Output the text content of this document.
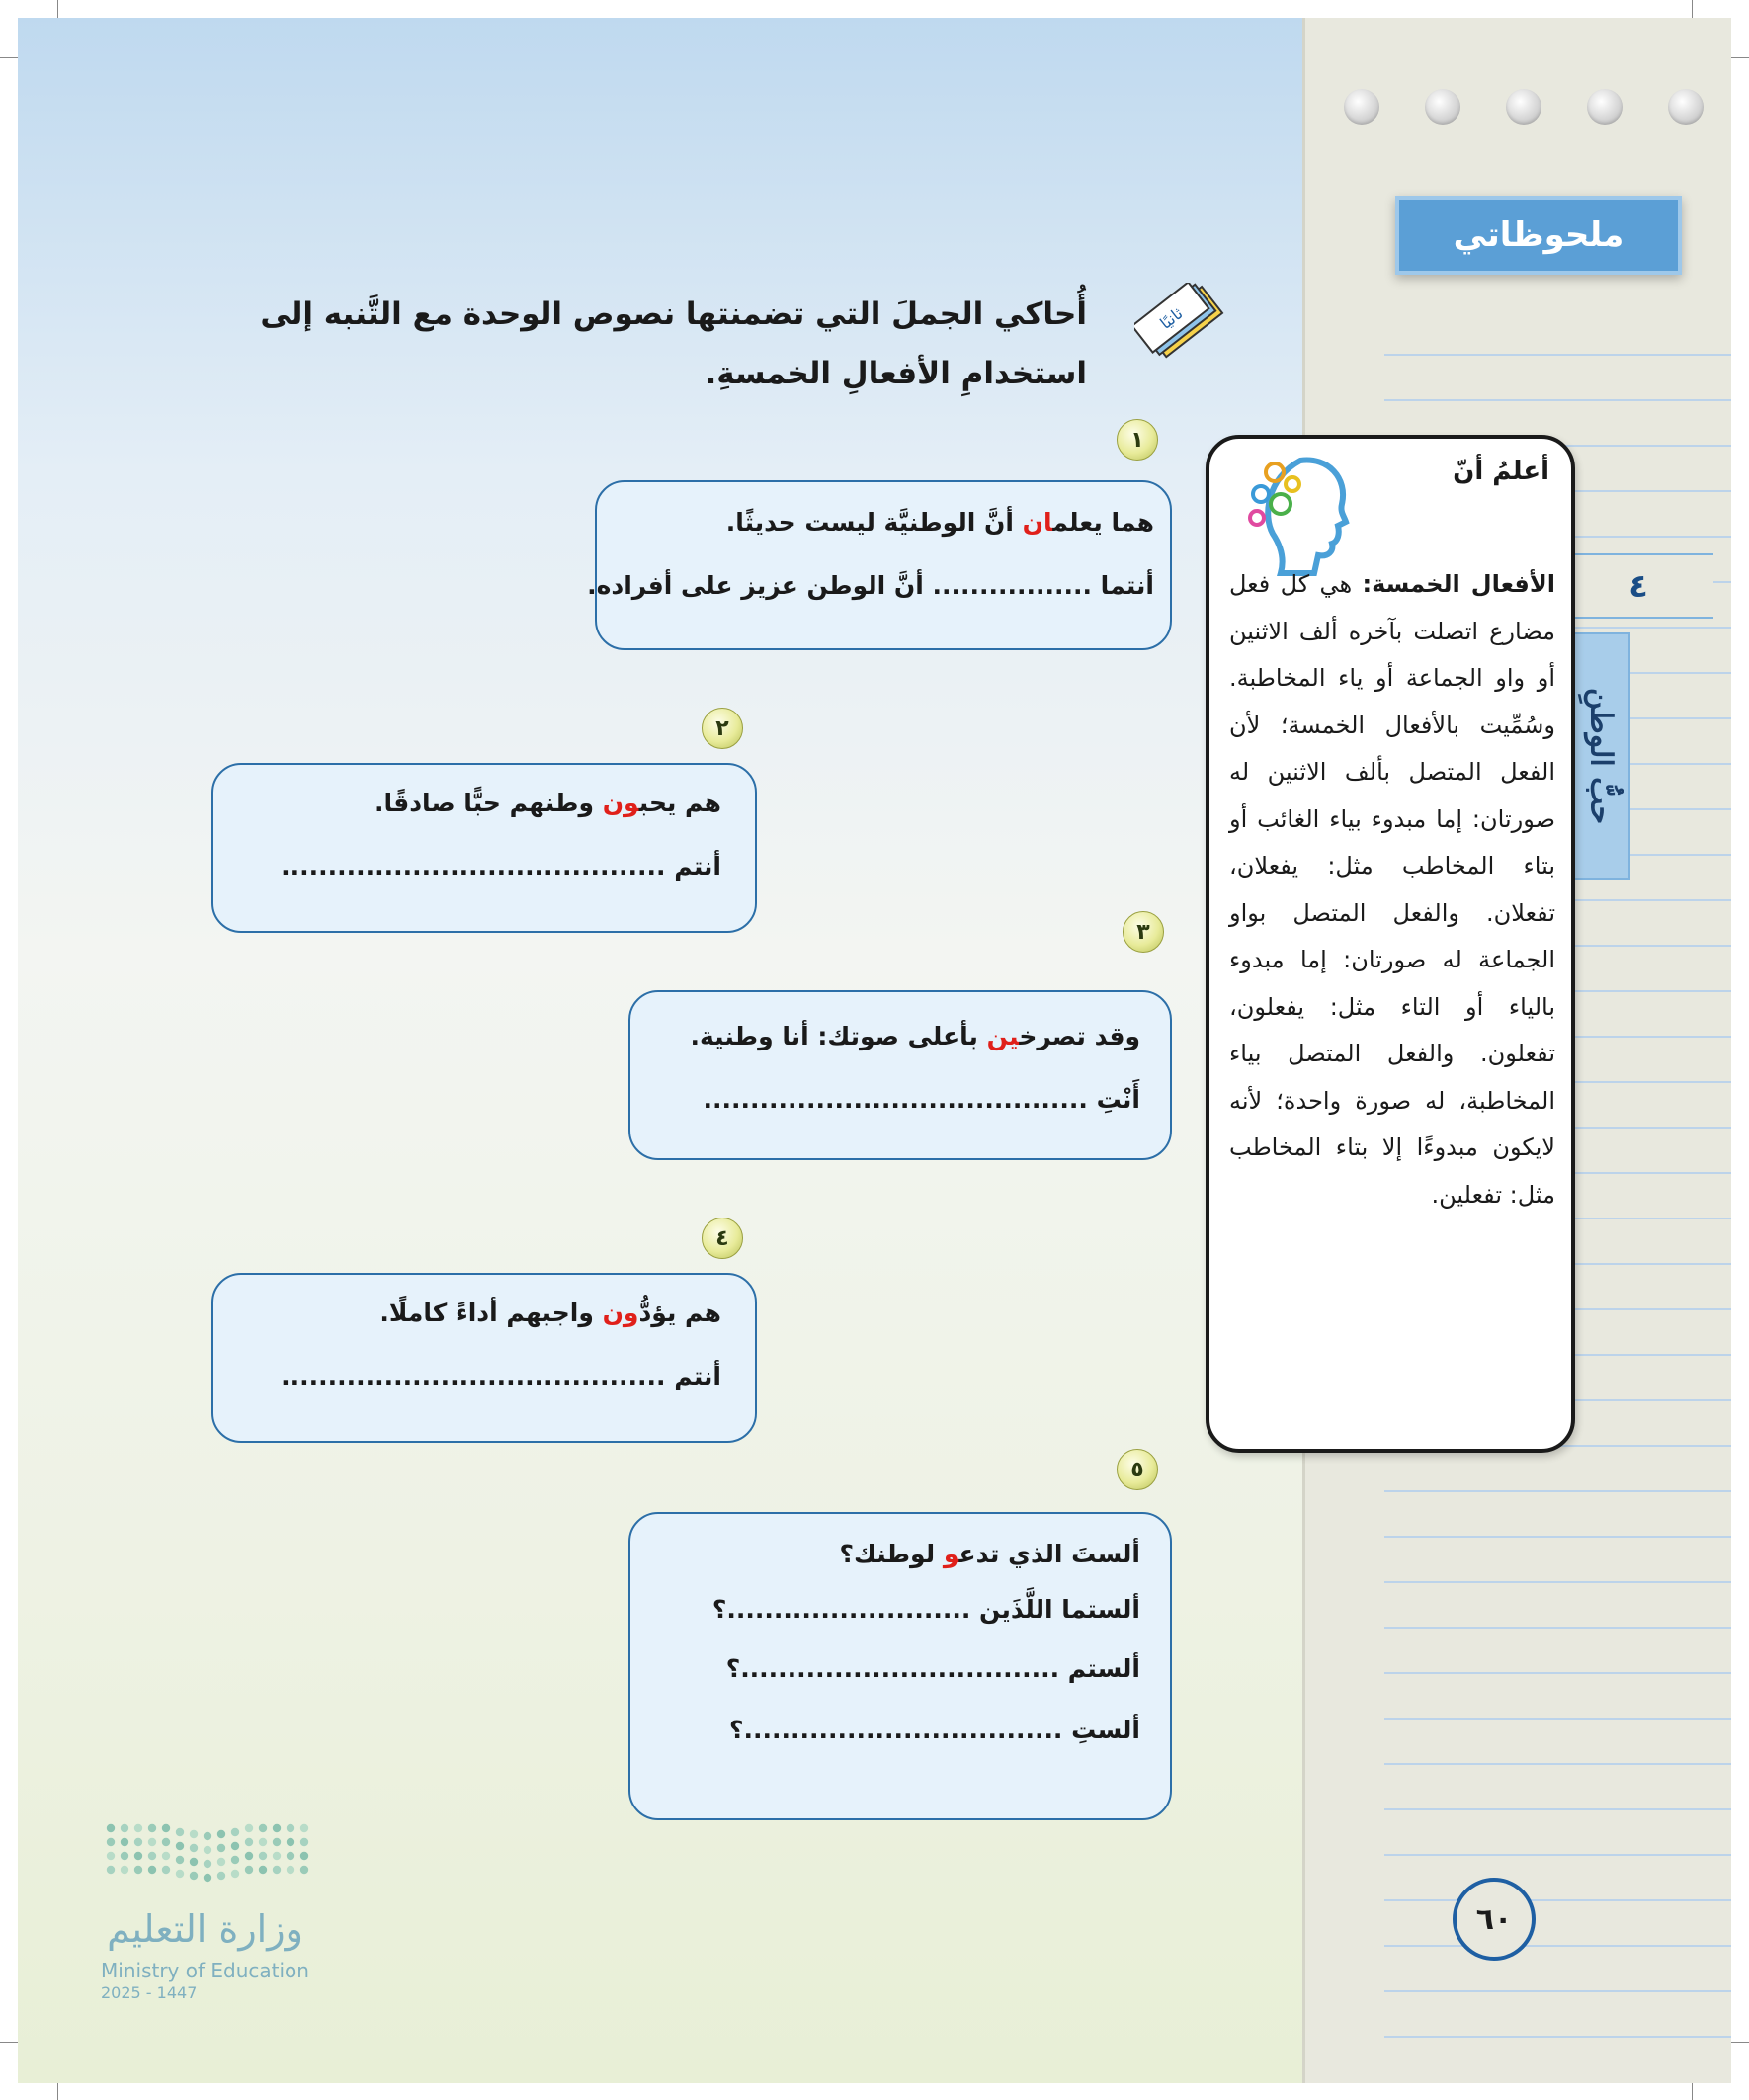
ملحوظاتي
٤
حبُّ الوطنِ
أعلمُ أنّ
الأفعال الخمسة: هي كل فعل مضارع اتصلت بآخره ألف الاثنين أو واو الجماعة أو ياء المخاطبة. وسُمِّيت بالأفعال الخمسة؛ لأن الفعل المتصل بألف الاثنين له صورتان: إما مبدوء بياء الغائب أو بتاء المخاطب مثل: يفعلان، تفعلان. والفعل المتصل بواو الجماعة له صورتان: إما مبدوء بالياء أو التاء مثل: يفعلون، تفعلون. والفعل المتصل بياء المخاطبة، له صورة واحدة؛ لأنه لايكون مبدوءًا إلا بتاء المخاطب مثل: تفعلين.
ثانيًا
أُحاكي الجملَ التي تضمنتها نصوص الوحدة مع التَّنبه إلى
استخدامِ الأفعالِ الخمسةِ.
١
هما يعلمان أنَّ الوطنيَّة ليست حديثًا.
أنتما ................. أنَّ الوطن عزيز على أفراده.
٢
هم يحبون وطنهم حبًّا صادقًا.
أنتم .........................................
٣
وقد تصرخين بأعلى صوتك: أنا وطنية.
أَنْتِ .........................................
٤
هم يؤدُّون واجبهم أداءً كاملًا.
أنتم .........................................
٥
ألستَ الذي تدعو لوطنك؟
ألستما اللَّذَين ..........................؟
ألستم ..................................؟
ألستِ ..................................؟
٦٠
وزارة التعليم
Ministry of Education
2025 - 1447
